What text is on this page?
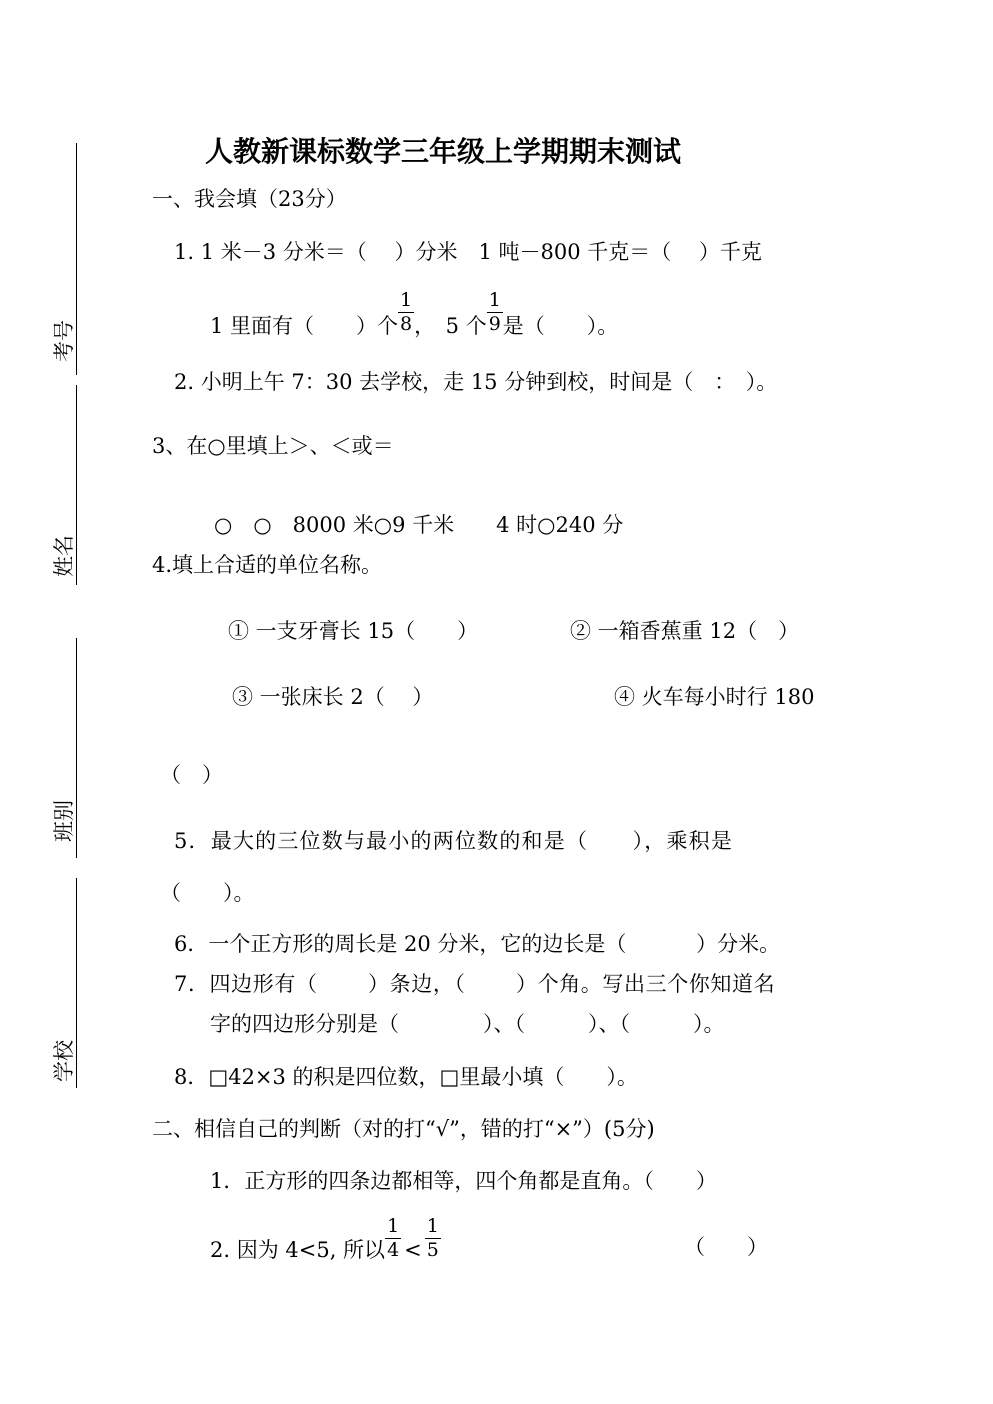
考号
姓名
班别
学校
人教新课标数学三年级上学期期末测试
一、我会填（23分）
1. 1 米－3 分米＝（　 ）分米　1 吨－800 千克＝（　 ）千克
1 里面有（　　）个 $\frac{1}{8}$ ，　5 个 $\frac{1}{9}$ 是（　　）。
2. 小明上午 7：30 去学校，走 15 分钟到校，时间是（　：　）。
3、在○里填上＞、＜或＝
○　○　8000 米○9 千米　　4 时○240 分
4.填上合适的单位名称。
① 一支牙膏长 15（　　）	② 一箱香蕉重 12（　）
③ 一张床长 2（　 ）	④ 火车每小时行 180
（　）
5．最大的三位数与最小的两位数的和是（　　），乘积是
（　　）。
6．一个正方形的周长是 20 分米，它的边长是（　　　 ）分米。
7．四边形有（　　 ）条边，（　　 ）个角。写出三个你知道名
字的四边形分别是（　　　　）、（　　　）、（　　　）。
8．□42×3 的积是四位数，□里最小填（　　）。
二、相信自己的判断（对的打“√”，错的打“×”）(5分)
1．正方形的四条边都相等，四个角都是直角。（　　）
2. 因为 4<5, 所以 $\frac{1}{4} < \frac{1}{5}$	（　　）
